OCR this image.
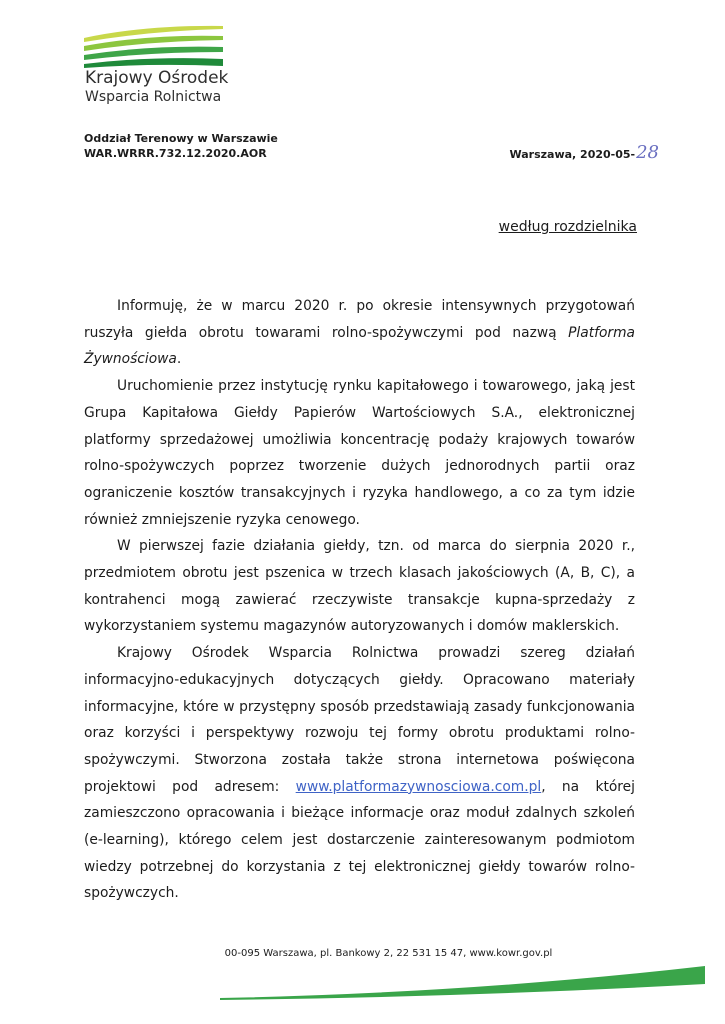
Krajowy Ośrodek
Wsparcia Rolnictwa
Oddział Terenowy w Warszawie
WAR.WRRR.732.12.2020.AOR	Warszawa, 2020-05-28
według rozdzielnika

Informuję, że w marcu 2020 r. po okresie intensywnych przygotowań ruszyła giełda obrotu towarami rolno-spożywczymi pod nazwą Platforma Żywnościowa.

Uruchomienie przez instytucję rynku kapitałowego i towarowego, jaką jest Grupa Kapitałowa Giełdy Papierów Wartościowych S.A., elektronicznej platformy sprzedażowej umożliwia koncentrację podaży krajowych towarów rolno-spożywczych poprzez tworzenie dużych jednorodnych partii oraz ograniczenie kosztów transakcyjnych i ryzyka handlowego, a co za tym idzie również zmniejszenie ryzyka cenowego.

W pierwszej fazie działania giełdy, tzn. od marca do sierpnia 2020 r., przedmiotem obrotu jest pszenica w trzech klasach jakościowych (A, B, C), a kontrahenci mogą zawierać rzeczywiste transakcje kupna-sprzedaży z wykorzystaniem systemu magazynów autoryzowanych i domów maklerskich.

Krajowy Ośrodek Wsparcia Rolnictwa prowadzi szereg działań informacyjno-edukacyjnych dotyczących giełdy. Opracowano materiały informacyjne, które w przystępny sposób przedstawiają zasady funkcjonowania oraz korzyści i perspektywy rozwoju tej formy obrotu produktami rolno-spożywczymi. Stworzona została także strona internetowa poświęcona projektowi pod adresem: www.platformazywnosciowa.com.pl, na której zamieszczono opracowania i bieżące informacje oraz moduł zdalnych szkoleń (e-learning), którego celem jest dostarczenie zainteresowanym podmiotom wiedzy potrzebnej do korzystania z tej elektronicznej giełdy towarów rolno-spożywczych.

00-095 Warszawa, pl. Bankowy 2, 22 531 15 47, www.kowr.gov.pl
